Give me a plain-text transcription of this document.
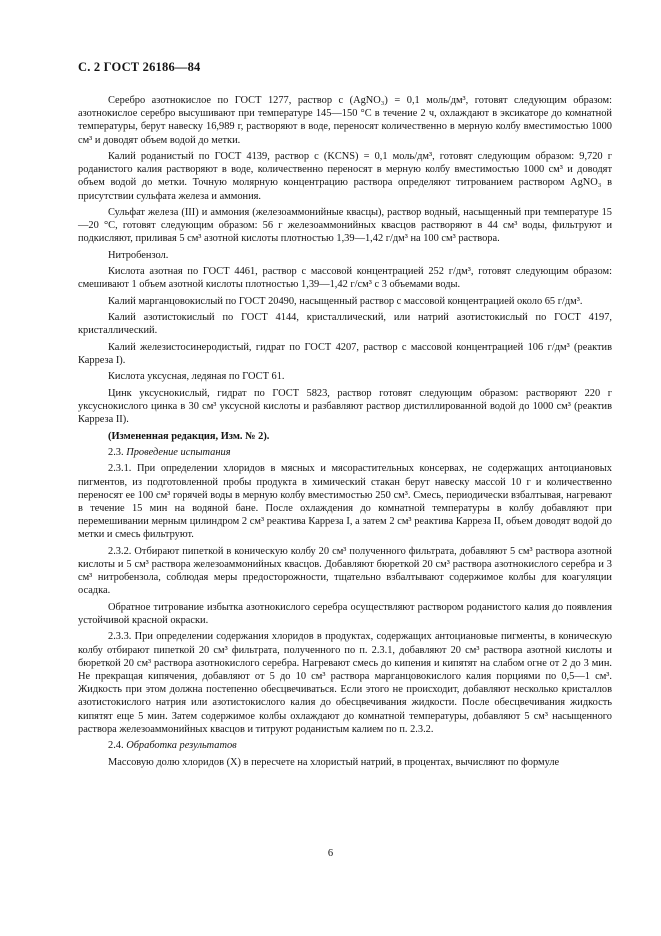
С. 2 ГОСТ 26186—84

Серебро азотнокислое по ГОСТ 1277, раствор c (AgNO₃) = 0,1 моль/дм³, готовят следующим образом: азотнокислое серебро высушивают при температуре 145—150 °C в течение 2 ч, охлаждают в эксикаторе до комнатной температуры, берут навеску 16,989 г, растворяют в воде, переносят количественно в мерную колбу вместимостью 1000 см³ и доводят объем водой до метки.

Калий роданистый по ГОСТ 4139, раствор c (KCNS) = 0,1 моль/дм³, готовят следующим образом: 9,720 г роданистого калия растворяют в воде, количественно переносят в мерную колбу вместимостью 1000 см³ и доводят объем водой до метки. Точную молярную концентрацию раствора определяют титрованием раствором AgNO₃ в присутствии сульфата железа и аммония.

Сульфат железа (III) и аммония (железоаммонийные квасцы), раствор водный, насыщенный при температуре 15—20 °C, готовят следующим образом: 56 г железоаммонийных квасцов растворяют в 44 см³ воды, фильтруют и подкисляют, приливая 5 см³ азотной кислоты плотностью 1,39—1,42 г/дм³ на 100 см³ раствора.

Нитробензол.

Кислота азотная по ГОСТ 4461, раствор с массовой концентрацией 252 г/дм³, готовят следующим образом: смешивают 1 объем азотной кислоты плотностью 1,39—1,42 г/см³ с 3 объемами воды.

Калий марганцовокислый по ГОСТ 20490, насыщенный раствор с массовой концентрацией около 65 г/дм³.

Калий азотистокислый по ГОСТ 4144, кристаллический, или натрий азотистокислый по ГОСТ 4197, кристаллический.

Калий железистосинеродистый, гидрат по ГОСТ 4207, раствор с массовой концентрацией 106 г/дм³ (реактив Карреза I).

Кислота уксусная, ледяная по ГОСТ 61.

Цинк уксуснокислый, гидрат по ГОСТ 5823, раствор готовят следующим образом: растворяют 220 г уксуснокислого цинка в 30 см³ уксусной кислоты и разбавляют раствор дистиллированной водой до 1000 см³ (реактив Карреза II).

(Измененная редакция, Изм. № 2).

2.3. Проведение испытания

2.3.1. При определении хлоридов в мясных и мясорастительных консервах, не содержащих антоциановых пигментов, из подготовленной пробы продукта в химический стакан берут навеску массой 10 г и количественно переносят ее 100 см³ горячей воды в мерную колбу вместимостью 250 см³. Смесь, периодически взбалтывая, нагревают в течение 15 мин на водяной бане. После охлаждения до комнатной температуры в колбу добавляют при перемешивании мерным цилиндром 2 см³ реактива Карреза I, а затем 2 см³ реактива Карреза II, объем доводят водой до метки и смесь фильтруют.

2.3.2. Отбирают пипеткой в коническую колбу 20 см³ полученного фильтрата, добавляют 5 см³ раствора азотной кислоты и 5 см³ раствора железоаммонийных квасцов. Добавляют бюреткой 20 см³ раствора азотнокислого серебра и 3 см³ нитробензола, соблюдая меры предосторожности, тщательно взбалтывают содержимое колбы для коагуляции осадка.

Обратное титрование избытка азотнокислого серебра осуществляют раствором роданистого калия до появления устойчивой красной окраски.

2.3.3. При определении содержания хлоридов в продуктах, содержащих антоциановые пигменты, в коническую колбу отбирают пипеткой 20 см³ фильтрата, полученного по п. 2.3.1, добавляют 20 см³ раствора азотной кислоты и бюреткой 20 см³ раствора азотнокислого серебра. Нагревают смесь до кипения и кипятят на слабом огне от 2 до 3 мин. Не прекращая кипячения, добавляют от 5 до 10 см³ раствора марганцовокислого калия порциями по 0,5—1 см³. Жидкость при этом должна постепенно обесцвечиваться. Если этого не происходит, добавляют несколько кристаллов азотистокислого натрия или азотистокислого калия до обесцвечивания жидкости. После обесцвечивания жидкость кипятят еще 5 мин. Затем содержимое колбы охлаждают до комнатной температуры, добавляют 5 см³ насыщенного раствора железоаммонийных квасцов и титруют роданистым калием по п. 2.3.2.

2.4. Обработка результатов

Массовую долю хлоридов (X) в пересчете на хлористый натрий, в процентах, вычисляют по формуле

6
